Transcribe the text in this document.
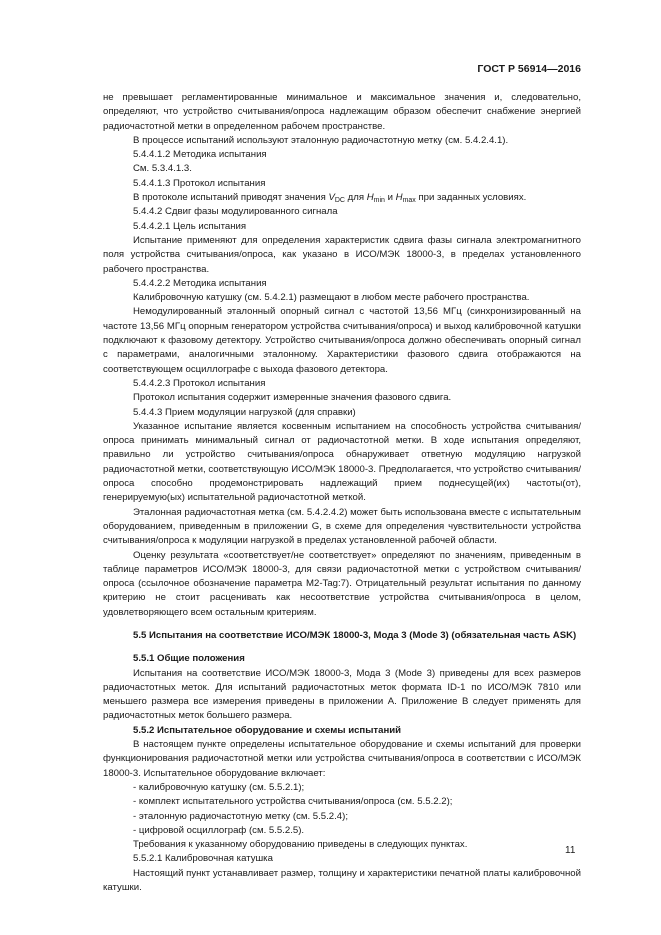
ГОСТ Р 56914—2016

не превышает регламентированные минимальное и максимальное значения и, следовательно, определяют, что устройство считывания/опроса надлежащим образом обеспечит снабжение энергией радиочастотной метки в определенном рабочем пространстве.

В процессе испытаний используют эталонную радиочастотную метку (см. 5.4.2.4.1).

5.4.4.1.2 Методика испытания

См. 5.3.4.1.3.

5.4.4.1.3 Протокол испытания

В протоколе испытаний приводят значения $V_{DC}$ для $H_{min}$ и $H_{max}$ при заданных условиях.

5.4.4.2 Сдвиг фазы модулированного сигнала

5.4.4.2.1 Цель испытания

Испытание применяют для определения характеристик сдвига фазы сигнала электромагнитного поля устройства считывания/опроса, как указано в ИСО/МЭК 18000-3, в пределах установленного рабочего пространства.

5.4.4.2.2 Методика испытания

Калибровочную катушку (см. 5.4.2.1) размещают в любом месте рабочего пространства.

Немодулированный эталонный опорный сигнал с частотой 13,56 МГц (синхронизированный на частоте 13,56 МГц опорным генератором устройства считывания/опроса) и выход калибровочной катушки подключают к фазовому детектору. Устройство считывания/опроса должно обеспечивать опорный сигнал с параметрами, аналогичными эталонному. Характеристики фазового сдвига отображаются на соответствующем осциллографе с выхода фазового детектора.

5.4.4.2.3 Протокол испытания

Протокол испытания содержит измеренные значения фазового сдвига.

5.4.4.3 Прием модуляции нагрузкой (для справки)

Указанное испытание является косвенным испытанием на способность устройства считывания/опроса принимать минимальный сигнал от радиочастотной метки. В ходе испытания определяют, правильно ли устройство считывания/опроса обнаруживает ответную модуляцию нагрузкой радиочастотной метки, соответствующую ИСО/МЭК 18000-3. Предполагается, что устройство считывания/опроса способно продемонстрировать надлежащий прием поднесущей(их) частоты(от), генерируемую(ых) испытательной радиочастотной меткой.

Эталонная радиочастотная метка (см. 5.4.2.4.2) может быть использована вместе с испытательным оборудованием, приведенным в приложении G, в схеме для определения чувствительности устройства считывания/опроса к модуляции нагрузкой в пределах установленной рабочей области.

Оценку результата «соответствует/не соответствует» определяют по значениям, приведенным в таблице параметров ИСО/МЭК 18000-3, для связи радиочастотной метки с устройством считывания/опроса (ссылочное обозначение параметра M2-Tag:7). Отрицательный результат испытания по данному критерию не стоит расценивать как несоответствие устройства считывания/опроса в целом, удовлетворяющего всем остальным критериям.

5.5 Испытания на соответствие ИСО/МЭК 18000-3, Мода 3 (Mode 3) (обязательная часть ASK)

5.5.1 Общие положения

Испытания на соответствие ИСО/МЭК 18000-3, Мода 3 (Mode 3) приведены для всех размеров радиочастотных меток. Для испытаний радиочастотных меток формата ID-1 по ИСО/МЭК 7810 или меньшего размера все измерения приведены в приложении А. Приложение В следует применять для радиочастотных меток большего размера.

5.5.2 Испытательное оборудование и схемы испытаний

В настоящем пункте определены испытательное оборудование и схемы испытаний для проверки функционирования радиочастотной метки или устройства считывания/опроса в соответствии с ИСО/МЭК 18000-3. Испытательное оборудование включает:

- калибровочную катушку (см. 5.5.2.1);

- комплект испытательного устройства считывания/опроса (см. 5.5.2.2);

- эталонную радиочастотную метку (см. 5.5.2.4);

- цифровой осциллограф (см. 5.5.2.5).

Требования к указанному оборудованию приведены в следующих пунктах.

5.5.2.1 Калибровочная катушка

Настоящий пункт устанавливает размер, толщину и характеристики печатной платы калибровочной катушки.

11
